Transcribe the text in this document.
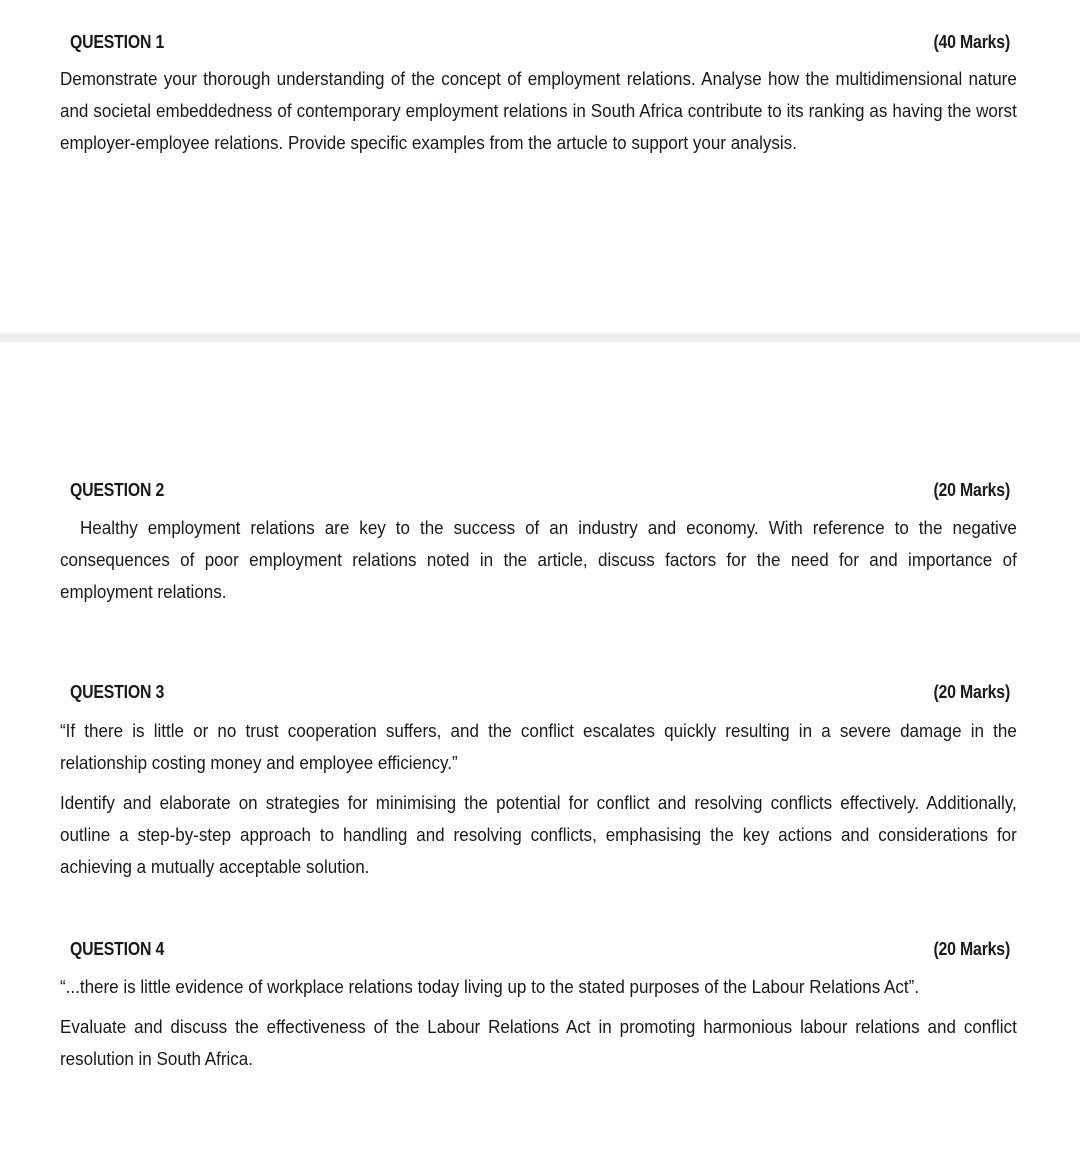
QUESTION 1	(40 Marks)

Demonstrate your thorough understanding of the concept of employment relations. Analyse how the multidimensional nature and societal embeddedness of contemporary employment relations in South Africa contribute to its ranking as having the worst employer-employee relations. Provide specific examples from the artucle to support your analysis.

QUESTION 2	(20 Marks)

Healthy employment relations are key to the success of an industry and economy. With reference to the negative consequences of poor employment relations noted in the article, discuss factors for the need for and importance of employment relations.

QUESTION 3	(20 Marks)

“If there is little or no trust cooperation suffers, and the conflict escalates quickly resulting in a severe damage in the relationship costing money and employee efficiency.”

Identify and elaborate on strategies for minimising the potential for conflict and resolving conflicts effectively. Additionally, outline a step-by-step approach to handling and resolving conflicts, emphasising the key actions and considerations for achieving a mutually acceptable solution.

QUESTION 4	(20 Marks)

“...there is little evidence of workplace relations today living up to the stated purposes of the Labour Relations Act”.

Evaluate and discuss the effectiveness of the Labour Relations Act in promoting harmonious labour relations and conflict resolution in South Africa.
